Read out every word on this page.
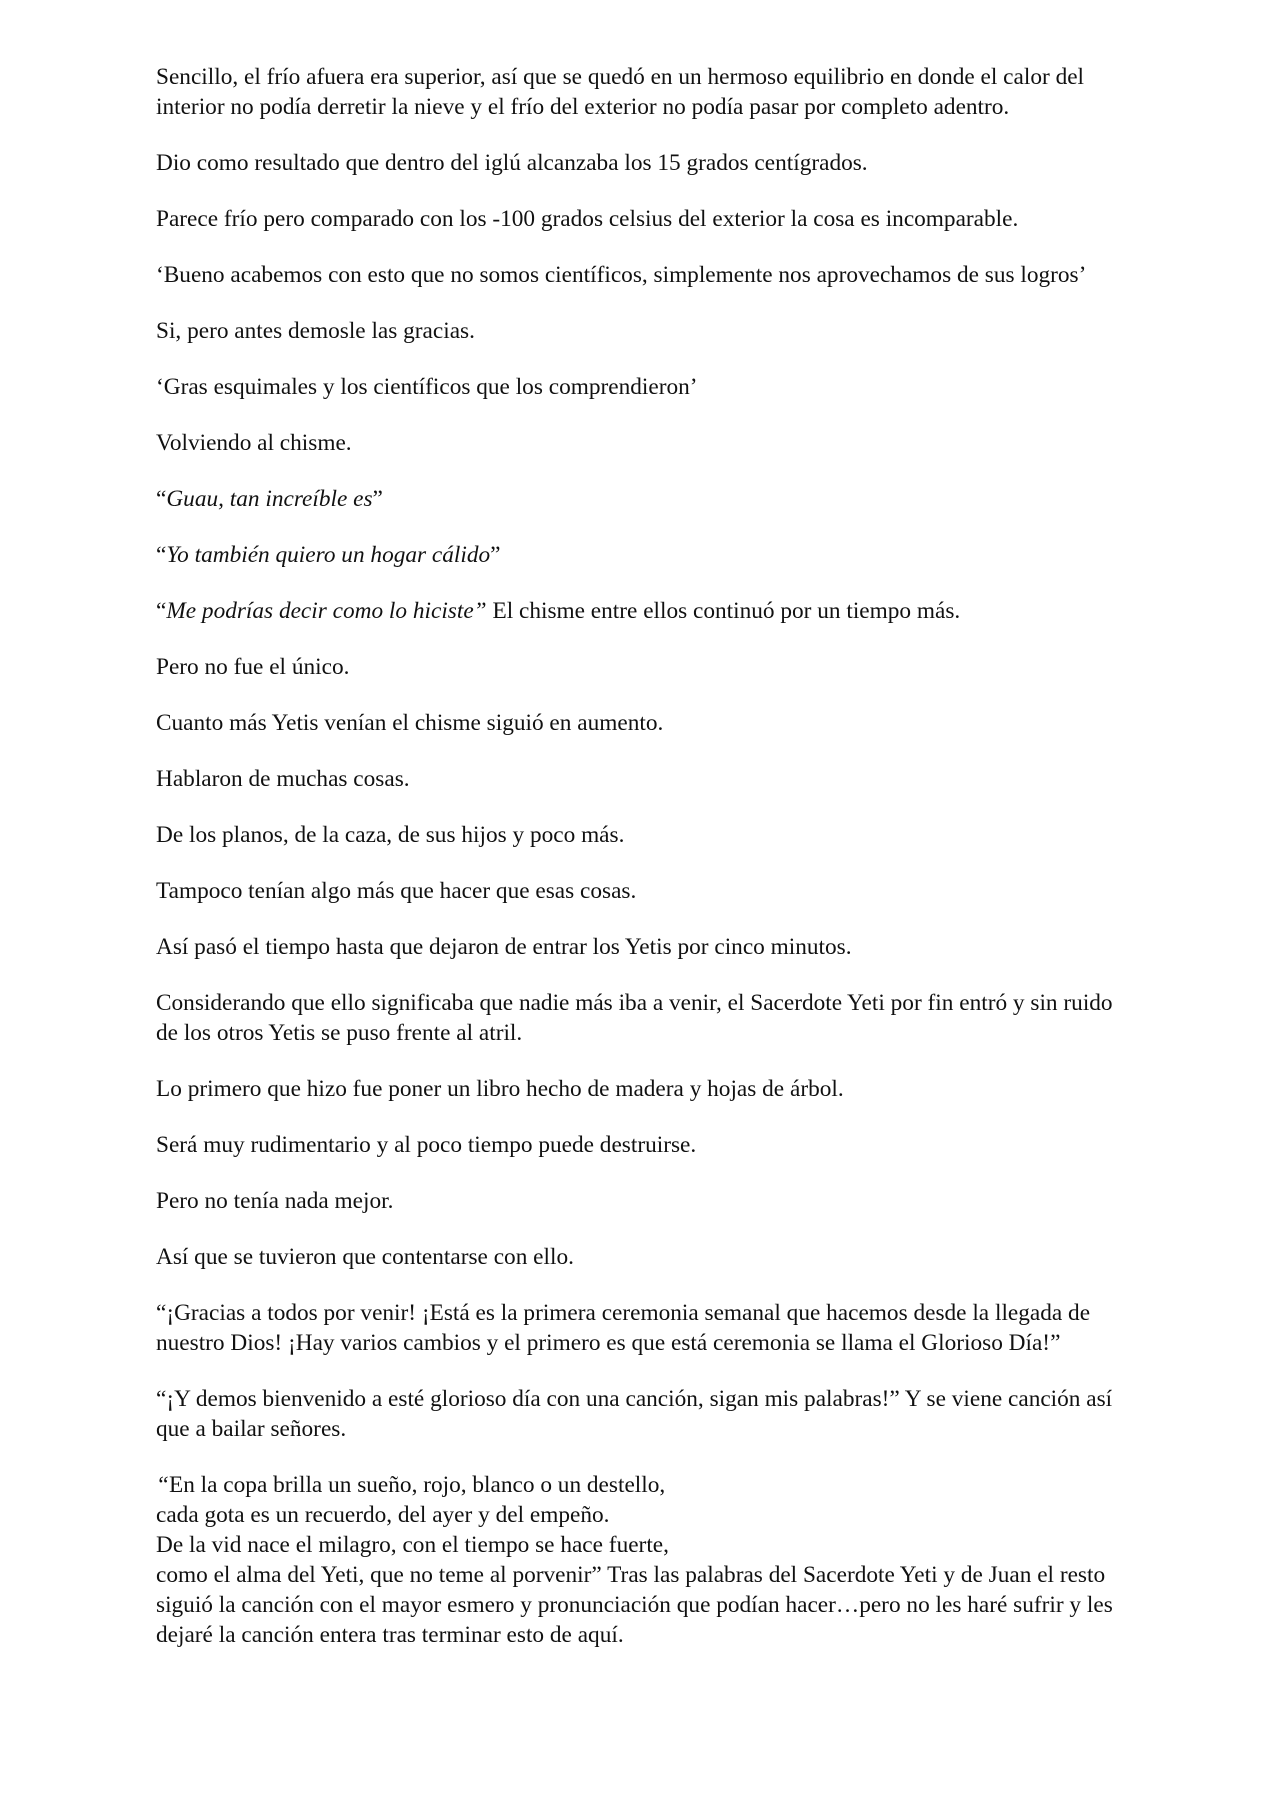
Sencillo, el frío afuera era superior, así que se quedó en un hermoso equilibrio en donde el calor del interior no podía derretir la nieve y el frío del exterior no podía pasar por completo adentro.

Dio como resultado que dentro del iglú alcanzaba los 15 grados centígrados.

Parece frío pero comparado con los -100 grados celsius del exterior la cosa es incomparable.

‘Bueno acabemos con esto que no somos científicos, simplemente nos aprovechamos de sus logros’

Si, pero antes demosle las gracias.

‘Gras esquimales y los científicos que los comprendieron’

Volviendo al chisme.

“Guau, tan increíble es”

“Yo también quiero un hogar cálido”

“Me podrías decir como lo hiciste” El chisme entre ellos continuó por un tiempo más.

Pero no fue el único.

Cuanto más Yetis venían el chisme siguió en aumento.

Hablaron de muchas cosas.

De los planos, de la caza, de sus hijos y poco más.

Tampoco tenían algo más que hacer que esas cosas.

Así pasó el tiempo hasta que dejaron de entrar los Yetis por cinco minutos.

Considerando que ello significaba que nadie más iba a venir, el Sacerdote Yeti por fin entró y sin ruido de los otros Yetis se puso frente al atril.

Lo primero que hizo fue poner un libro hecho de madera y hojas de árbol.

Será muy rudimentario y al poco tiempo puede destruirse.

Pero no tenía nada mejor.

Así que se tuvieron que contentarse con ello.

“¡Gracias a todos por venir! ¡Está es la primera ceremonia semanal que hacemos desde la llegada de nuestro Dios! ¡Hay varios cambios y el primero es que está ceremonia se llama el Glorioso Día!”

“¡Y demos bienvenido a esté glorioso día con una canción, sigan mis palabras!” Y se viene canción así que a bailar señores.

“En la copa brilla un sueño, rojo, blanco o un destello,
cada gota es un recuerdo, del ayer y del empeño.
De la vid nace el milagro, con el tiempo se hace fuerte,
como el alma del Yeti, que no teme al porvenir” Tras las palabras del Sacerdote Yeti y de Juan el resto siguió la canción con el mayor esmero y pronunciación que podían hacer…pero no les haré sufrir y les dejaré la canción entera tras terminar esto de aquí.
